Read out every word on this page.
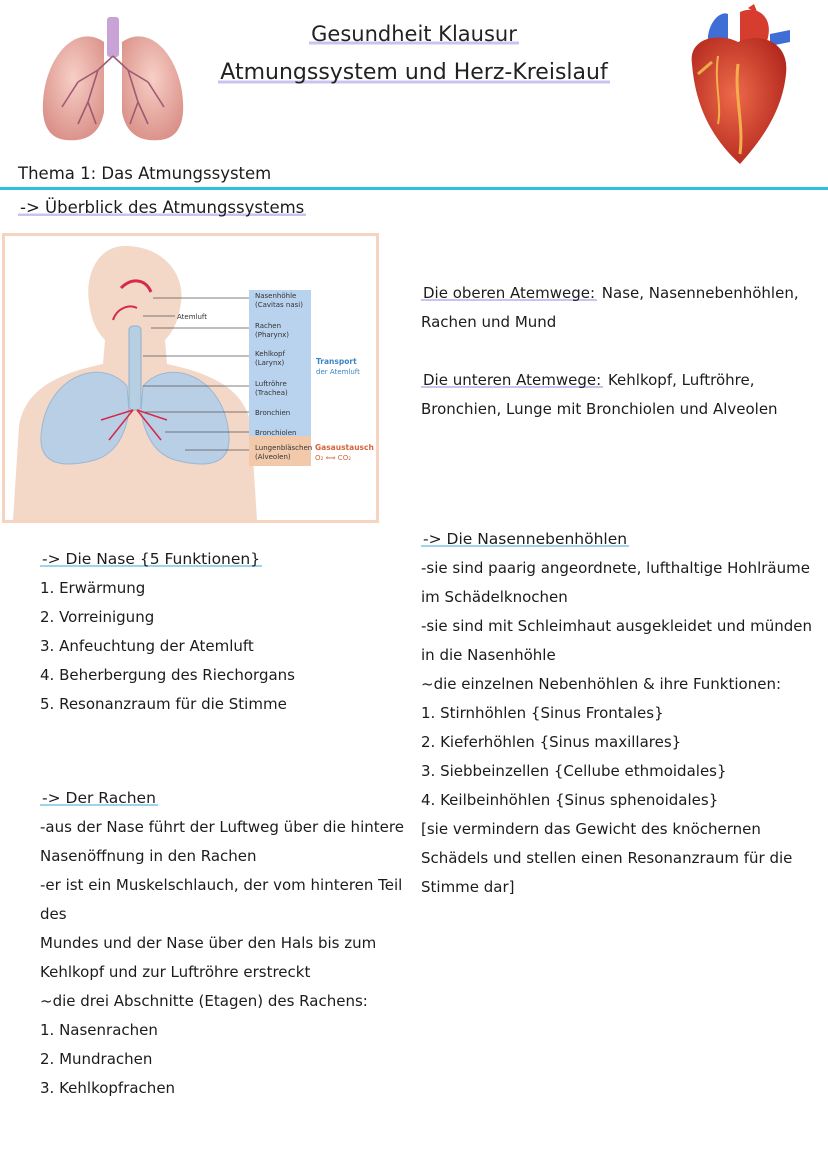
Gesundheit Klausur
Atmungssystem und Herz-Kreislauf
Thema 1: Das Atmungssystem
-> Überblick des Atmungssystems
Atemluft
Nasenhöhle
(Cavitas nasi)
Rachen
(Pharynx)
Kehlkopf
(Larynx)
Luftröhre
(Trachea)
Bronchien
Bronchiolen
Lungenbläschen
(Alveolen)
Transport
der Atemluft
Gasaustausch
O₂ ⟺ CO₂

Die oberen Atemwege: Nase, Nasennebenhöhlen,

Rachen und Mund

Die unteren Atemwege: Kehlkopf, Luftröhre,

Bronchien, Lunge mit Bronchiolen und Alveolen

-> Die Nase {5 Funktionen}

1. Erwärmung

2. Vorreinigung

3. Anfeuchtung der Atemluft

4. Beherbergung des Riechorgans

5. Resonanzraum für die Stimme

-> Die Nasennebenhöhlen

-sie sind paarig angeordnete, lufthaltige Hohlräume

im Schädelknochen

-sie sind mit Schleimhaut ausgekleidet und münden

in die Nasenhöhle

~die einzelnen Nebenhöhlen & ihre Funktionen:

1. Stirnhöhlen {Sinus Frontales}

2. Kieferhöhlen {Sinus maxillares}

3. Siebbeinzellen {Cellube ethmoidales}

4. Keilbeinhöhlen {Sinus sphenoidales}

[sie vermindern das Gewicht des knöchernen

Schädels und stellen einen Resonanzraum für die

Stimme dar]

-> Der Rachen

-aus der Nase führt der Luftweg über die hintere

Nasenöffnung in den Rachen

-er ist ein Muskelschlauch, der vom hinteren Teil des

Mundes und der Nase über den Hals bis zum

Kehlkopf und zur Luftröhre erstreckt

~die drei Abschnitte (Etagen) des Rachens:

1. Nasenrachen

2. Mundrachen

3. Kehlkopfrachen
